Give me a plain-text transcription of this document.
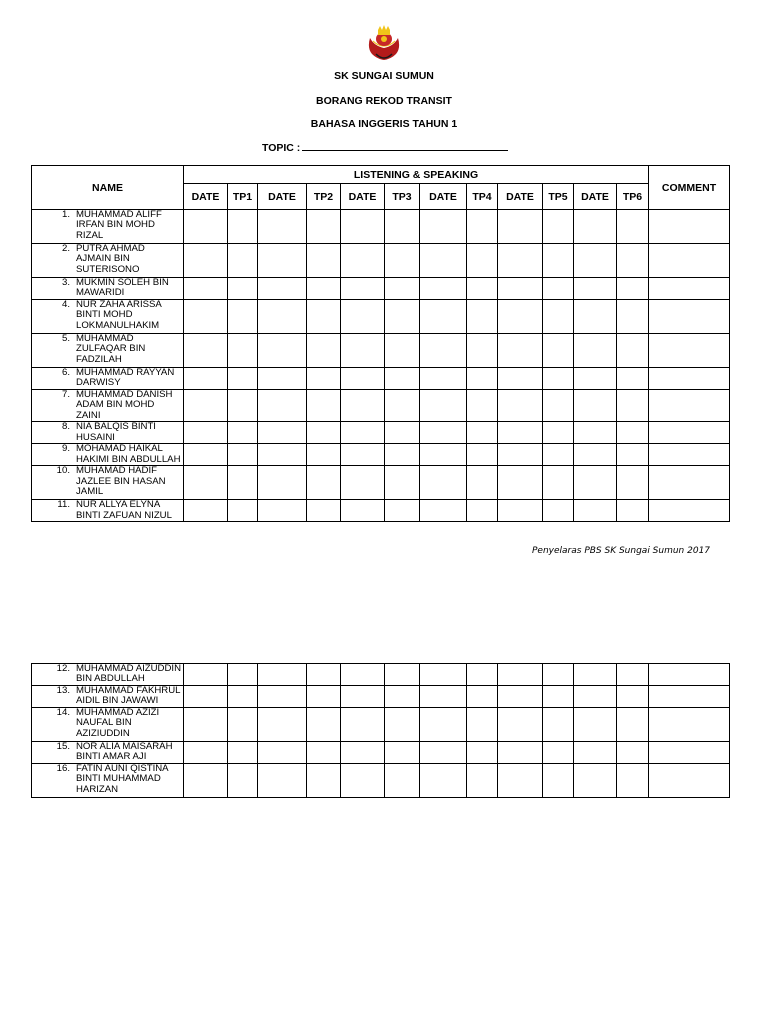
SK SUNGAI SUMUN
BORANG REKOD TRANSIT
BAHASA INGGERIS TAHUN 1
TOPIC :
NAME	LISTENING & SPEAKING												COMMENT
	DATE	TP1	DATE	TP2	DATE	TP3	DATE	TP4	DATE	TP5	DATE	TP6	

1. MUHAMMAD ALIFF IRFAN BIN MOHD RIZAL													

2. PUTRA AHMAD AJMAIN BIN SUTERISONO													

3. MUKMIN SOLEH BIN MAWARIDI													

4. NUR ZAHA ARISSA BINTI MOHD LOKMANULHAKIM													

5. MUHAMMAD ZULFAQAR BIN FADZILAH													

6. MUHAMMAD RAYYAN DARWISY													

7. MUHAMMAD DANISH ADAM BIN MOHD ZAINI													

8. NIA BALQIS BINTI HUSAINI													

9. MOHAMAD HAIKAL HAKIMI BIN ABDULLAH													

10. MUHAMAD HADIF JAZLEE BIN HASAN JAMIL													

11. NUR ALLYA ELYNA BINTI ZAFUAN NIZUL													

Penyelaras PBS SK Sungai Sumun 2017
12. MUHAMMAD AIZUDDIN BIN ABDULLAH													

13. MUHAMMAD FAKHRUL AIDIL BIN JAWAWI													

14. MUHAMMAD AZIZI NAUFAL BIN AZIZIUDDIN													

15. NOR ALIA MAISARAH BINTI AMAR AJI													

16. FATIN AUNI QISTINA BINTI MUHAMMAD HARIZAN													
